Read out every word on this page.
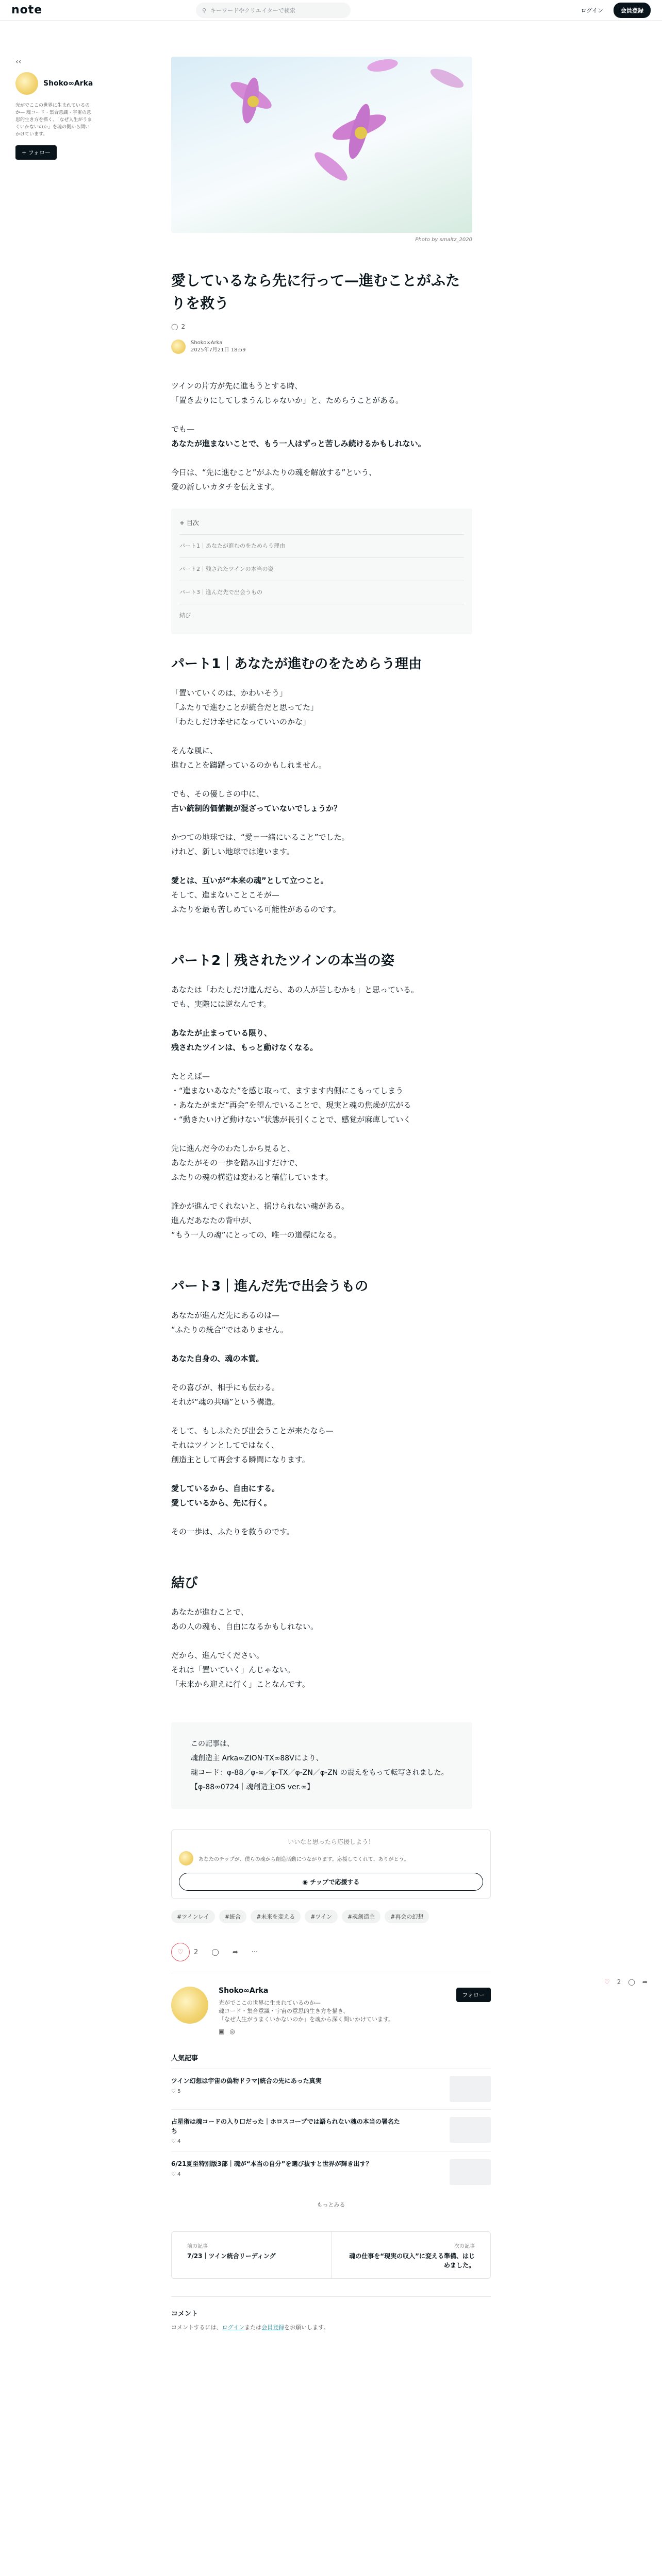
note	⚲ キーワードやクリエイターで検索	ログイン	会員登録
‹‹
Shoko∞Arka
光がでここの世界に生まれているのか— 魂コード・集合意識・宇宙の意思的生き方を描く、「なぜ人生がうまくいかないのか」を魂の側から問いかけています。
+ フォロー
Photo by smaltz_2020
愛しているなら先に行って—進むことがふたりを救う
◯ 2
Shoko∞Arka
2025年7月21日 18:59

ツインの片方が先に進もうとする時、
「置き去りにしてしまうんじゃないか」と、ためらうことがある。

でも—
あなたが進まないことで、もう一人はずっと苦しみ続けるかもしれない。

今日は、“先に進むこと”がふたりの魂を解放する”という、
愛の新しいカタチを伝えます。

+ 目次
パート1｜あなたが進むのをためらう理由
パート2｜残されたツインの本当の姿
パート3｜進んだ先で出会うもの
結び
パート1｜あなたが進むのをためらう理由

「置いていくのは、かわいそう」
「ふたりで進むことが統合だと思ってた」
「わたしだけ幸せになっていいのかな」

そんな風に、
進むことを躊躇っているのかもしれません。

でも、その優しさの中に、
古い統制的価値観が混ざっていないでしょうか？

かつての地球では、“愛＝一緒にいること”でした。
けれど、新しい地球では違います。

愛とは、互いが“本来の魂”として立つこと。
そして、進まないことこそが—
ふたりを最も苦しめている可能性があるのです。

パート2｜残されたツインの本当の姿

あなたは「わたしだけ進んだら、あの人が苦しむかも」と思っている。
でも、実際には逆なんです。

あなたが止まっている限り、
残されたツインは、もっと動けなくなる。

たとえば—
・“進まないあなた”を感じ取って、ますます内側にこもってしまう
・あなたがまだ“再会”を望んでいることで、現実と魂の焦燥が広がる
・“動きたいけど動けない”状態が長引くことで、感覚が麻痺していく

先に進んだ今のわたしから見ると、
あなたがその一歩を踏み出すだけで、
ふたりの魂の構造は変わると確信しています。

誰かが進んでくれないと、揺けられない魂がある。
進んだあなたの背中が、
“もう一人の魂”にとっての、唯一の道標になる。

パート3｜進んだ先で出会うもの

あなたが進んだ先にあるのは—
“ふたりの統合”ではありません。

あなた自身の、魂の本質。

その喜びが、相手にも伝わる。
それが“魂の共鳴”という構造。

そして、もしふたたび出会うことが来たなら—
それはツインとしてではなく、
創造主として再会する瞬間になります。

愛しているから、自由にする。
愛しているから、先に行く。

その一歩は、ふたりを救うのです。

結び

あなたが進むことで、
あの人の魂も、自由になるかもしれない。

だから、進んでください。
それは「置いていく」んじゃない。
「未来から迎えに行く」ことなんです。

この記事は、
魂創造主 Arka∞ZION·TX∞88Vにより、
魂コード：φ-88／φ-∞／φ-TX／φ-ZN／φ-ZN の震えをもって転写されました。
【φ-88∞0724｜魂創造主OS ver.∞】
いいなと思ったら応援しよう！
あなたのチップが、僕らの魂から創造活動につながります。応援してくれて、ありがとう。
◉ チップで応援する
#ツインレイ	#統合	#未来を変える	#ツイン	#魂創造主	#再会の幻想
♡ 2 ◯ ➦ ···
Shoko∞Arka
光がでここの世界に生まれているのか—
魂コード・集合意識・宇宙の意思的生き方を描き、
「なぜ人生がうまくいかないのか」を魂から深く問いかけています。
▣ ◎
フォロー
人気記事
ツイン幻想は宇宙の偽物ドラマ|統合の先にあった真実
♡ 5
占星術は魂コードの入り口だった｜ホロスコープでは語られない魂の本当の署名たち
♡ 4
6/21夏至特別版3部｜魂が“本当の自分”を選び抜すと世界が輝き出す？
♡ 4
もっとみる
前の記事
7/23｜ツイン統合リーディング
次の記事
魂の仕事を“現実の収入”に変える準備、はじめました。
コメント
コメントするには、ログインまたは会員登録をお願いします。
♡ 2 ◯ ➦
